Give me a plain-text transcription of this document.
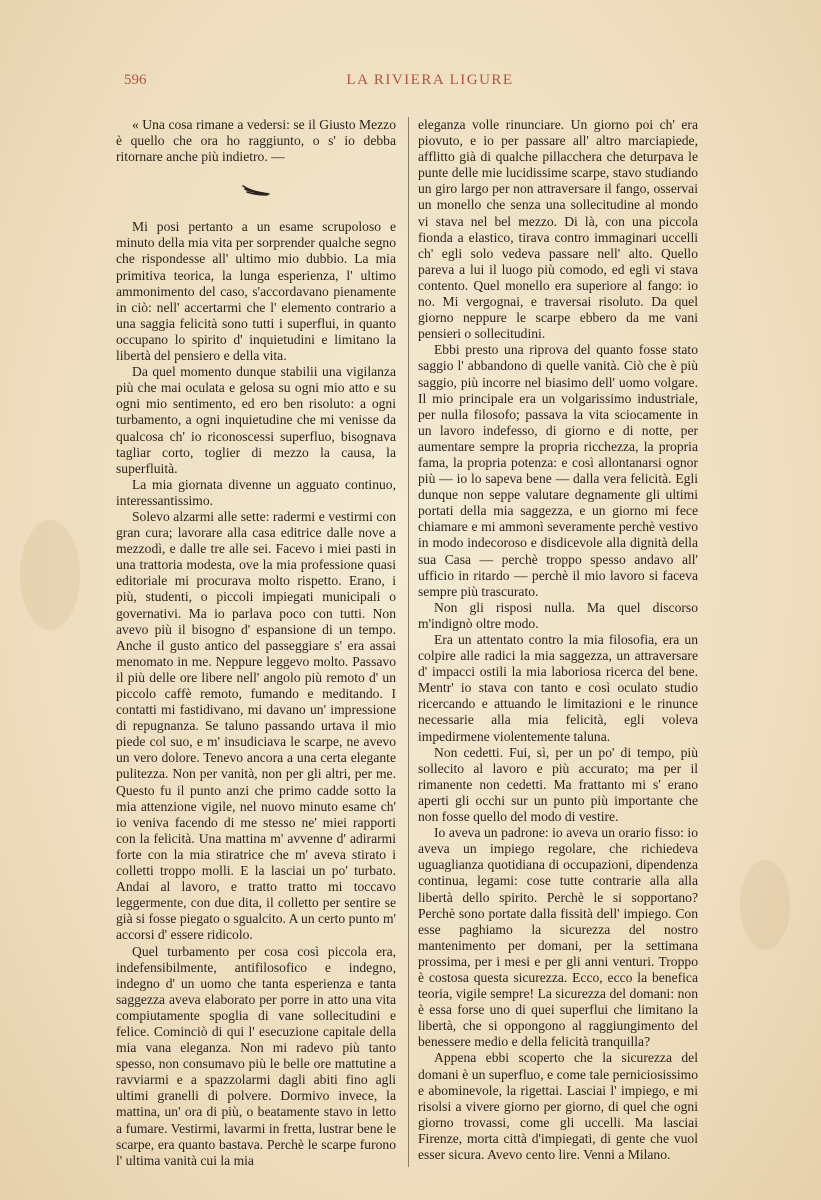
596	LA RIVIERA LIGURE

« Una cosa rimane a vedersi: se il Giusto Mezzo è quello che ora ho raggiunto, o s' io debba ritornare anche più indietro. —

Mi posi pertanto a un esame scrupoloso e minuto della mia vita per sorprender qualche segno che rispondesse all' ultimo mio dubbio. La mia primitiva teorica, la lunga esperienza, l' ultimo ammonimento del caso, s'accordavano pienamente in ciò: nell' accertarmi che l' elemento contrario a una saggia felicità sono tutti i superflui, in quanto occupano lo spirito d' inquietudini e limitano la libertà del pensiero e della vita.

Da quel momento dunque stabilii una vigilanza più che mai oculata e gelosa su ogni mio atto e su ogni mio sentimento, ed ero ben risoluto: a ogni turbamento, a ogni inquietudine che mi venisse da qualcosa ch' io riconoscessi superfluo, bisognava tagliar corto, toglier di mezzo la causa, la superfluità.

La mia giornata divenne un agguato continuo, interessantissimo.

Solevo alzarmi alle sette: radermi e vestirmi con gran cura; lavorare alla casa editrice dalle nove a mezzodì, e dalle tre alle sei. Facevo i miei pasti in una trattoria modesta, ove la mia professione quasi editoriale mi procurava molto rispetto. Erano, i più, studenti, o piccoli impiegati municipali o governativi. Ma io parlava poco con tutti. Non avevo più il bisogno d' espansione di un tempo. Anche il gusto antico del passeggiare s' era assai menomato in me. Neppure leggevo molto. Passavo il più delle ore libere nell' angolo più remoto d' un piccolo caffè remoto, fumando e meditando. I contatti mi fastidivano, mi davano un' impressione di repugnanza. Se taluno passando urtava il mio piede col suo, e m' insudiciava le scarpe, ne avevo un vero dolore. Tenevo ancora a una certa elegante pulitezza. Non per vanità, non per gli altri, per me. Questo fu il punto anzi che primo cadde sotto la mia attenzione vigile, nel nuovo minuto esame ch' io veniva facendo di me stesso ne' miei rapporti con la felicità. Una mattina m' avvenne d' adirarmi forte con la mia stiratrice che m' aveva stirato i colletti troppo molli. E la lasciai un po' turbato. Andai al lavoro, e tratto tratto mi toccavo leggermente, con due dita, il colletto per sentire se già si fosse piegato o sgualcito. A un certo punto m' accorsi d' essere ridicolo.

Quel turbamento per cosa così piccola era, indefensibilmente, antifilosofico e indegno, indegno d' un uomo che tanta esperienza e tanta saggezza aveva elaborato per porre in atto una vita compiutamente spoglia di vane sollecitudini e felice. Cominciò di qui l' esecuzione capitale della mia vana eleganza. Non mi radevo più tanto spesso, non consumavo più le belle ore mattutine a ravviarmi e a spazzolarmi dagli abiti fino agli ultimi granelli di polvere. Dormivo invece, la mattina, un' ora di più, o beatamente stavo in letto a fumare. Vestirmi, lavarmi in fretta, lustrar bene le scarpe, era quanto bastava. Perchè le scarpe furono l' ultima vanità cui la mia

eleganza volle rinunciare. Un giorno poi ch' era piovuto, e io per passare all' altro marciapiede, afflitto già di qualche pillacchera che deturpava le punte delle mie lucidissime scarpe, stavo studiando un giro largo per non attraversare il fango, osservai un monello che senza una sollecitudine al mondo vi stava nel bel mezzo. Di là, con una piccola fionda a elastico, tirava contro immaginari uccelli ch' egli solo vedeva passare nell' alto. Quello pareva a lui il luogo più comodo, ed egli vi stava contento. Quel monello era superiore al fango: io no. Mi vergognai, e traversai risoluto. Da quel giorno neppure le scarpe ebbero da me vani pensieri o sollecitudini.

Ebbi presto una riprova del quanto fosse stato saggio l' abbandono di quelle vanità. Ciò che è più saggio, più incorre nel biasimo dell' uomo volgare. Il mio principale era un volgarissimo industriale, per nulla filosofo; passava la vita sciocamente in un lavoro indefesso, di giorno e di notte, per aumentare sempre la propria ricchezza, la propria fama, la propria potenza: e così allontanarsi ognor più — io lo sapeva bene — dalla vera felicità. Egli dunque non seppe valutare degnamente gli ultimi portati della mia saggezza, e un giorno mi fece chiamare e mi ammonì severamente perchè vestivo in modo indecoroso e disdicevole alla dignità della sua Casa — perchè troppo spesso andavo all' ufficio in ritardo — perchè il mio lavoro si faceva sempre più trascurato.

Non gli risposi nulla. Ma quel discorso m'indignò oltre modo.

Era un attentato contro la mia filosofia, era un colpire alle radici la mia saggezza, un attraversare d' impacci ostili la mia laboriosa ricerca del bene. Mentr' io stava con tanto e così oculato studio ricercando e attuando le limitazioni e le rinunce necessarie alla mia felicità, egli voleva impedirmene violentemente taluna.

Non cedetti. Fui, sì, per un po' di tempo, più sollecito al lavoro e più accurato; ma per il rimanente non cedetti. Ma frattanto mi s' erano aperti gli occhi sur un punto più importante che non fosse quello del modo di vestire.

Io aveva un padrone: io aveva un orario fisso: io aveva un impiego regolare, che richiedeva uguaglianza quotidiana di occupazioni, dipendenza continua, legami: cose tutte contrarie alla alla libertà dello spirito. Perchè le si sopportano? Perchè sono portate dalla fissità dell' impiego. Con esse paghiamo la sicurezza del nostro mantenimento per domani, per la settimana prossima, per i mesi e per gli anni venturi. Troppo è costosa questa sicurezza. Ecco, ecco la benefica teoria, vigile sempre! La sicurezza del domani: non è essa forse uno di quei superflui che limitano la libertà, che si oppongono al raggiungimento del benessere medio e della felicità tranquilla?

Appena ebbi scoperto che la sicurezza del domani è un superfluo, e come tale perniciosissimo e abominevole, la rigettai. Lasciai l' impiego, e mi risolsi a vivere giorno per giorno, di quel che ogni giorno trovassi, come gli uccelli. Ma lasciai Firenze, morta città d'impiegati, di gente che vuol esser sicura. Avevo cento lire. Venni a Milano.
